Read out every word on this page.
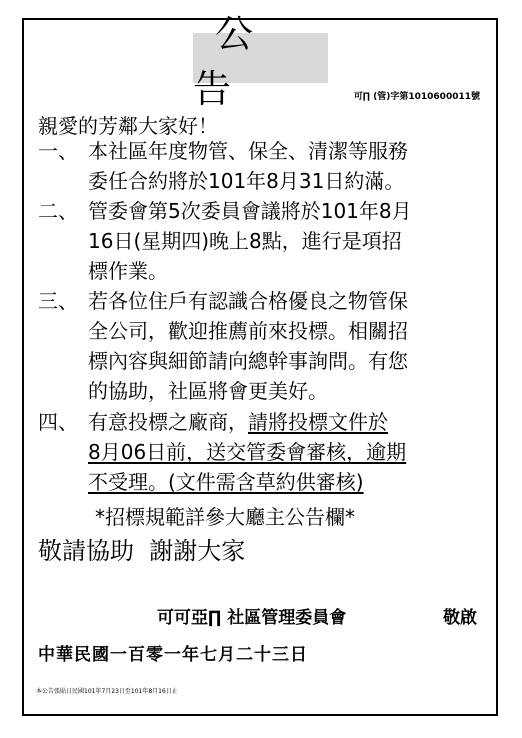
公告	可∏ (管)字第1010600011號
親愛的芳鄰大家好！
一、 本社區年度物管、保全、清潔等服務
委任合約將於101年8月31日約滿。
二、 管委會第5次委員會議將於101年8月
16日(星期四)晚上8點，進行是項招
標作業。
三、 若各位住戶有認識合格優良之物管保
全公司，歡迎推薦前來投標。相關招
標內容與細節請向總幹事詢問。有您
的協助，社區將會更美好。
四、 有意投標之廠商，請將投標文件於
8月06日前，送交管委會審核，逾期
不受理。(文件需含草約供審核)
*招標規範詳參大廳主公告欄*
敬請協助  謝謝大家
可可亞∏ 社區管理委員會	敬啟
中華民國一百零一年七月二十三日
本公告張貼日民國101年7月23日至101年8月16日止
